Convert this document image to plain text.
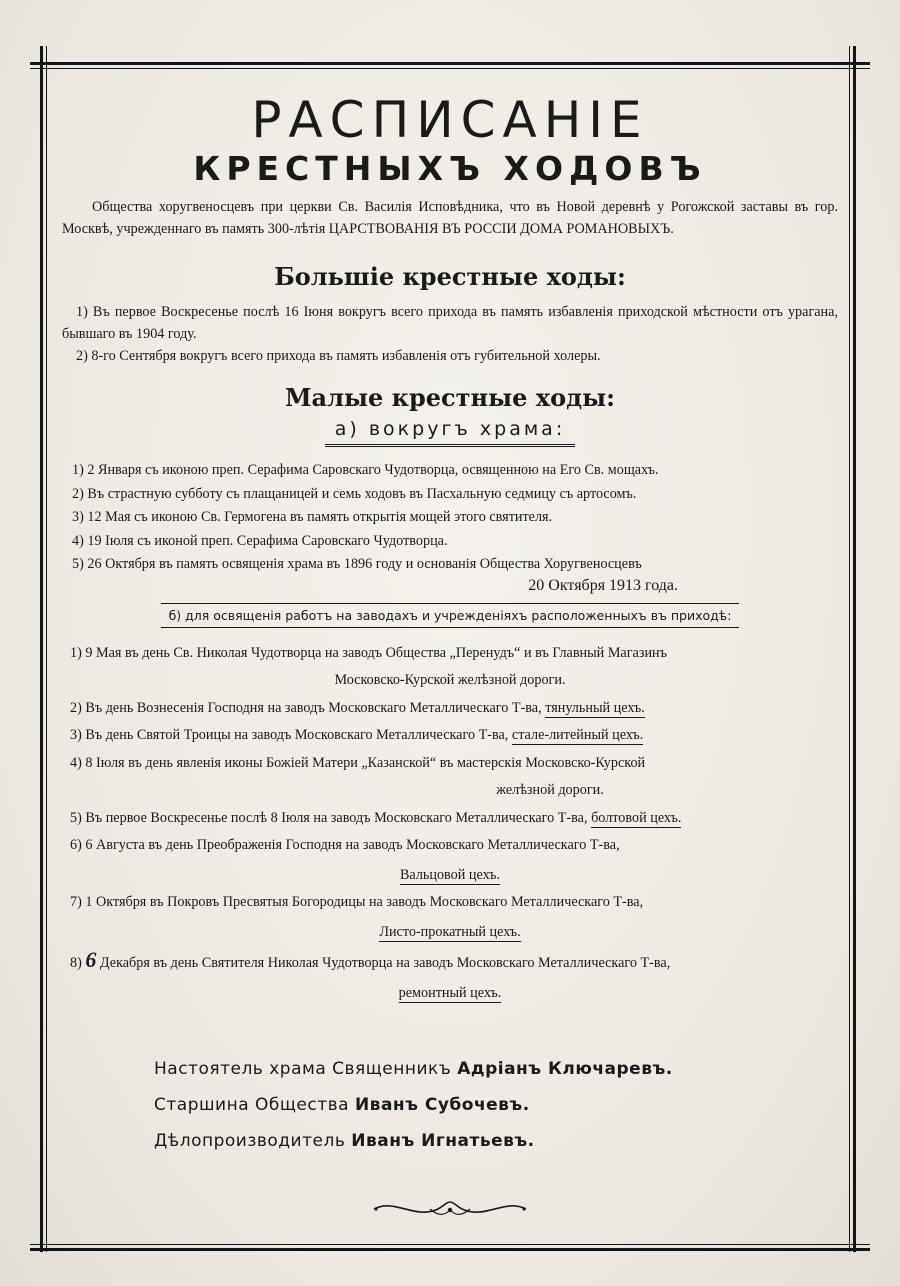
РАСПИСАНІЕ
КРЕСТНЫХЪ ХОДОВЪ

Общества хоругвеносцевъ при церкви Св. Василія Исповѣдника, что въ Новой деревнѣ у Рогожской заставы въ гор. Москвѣ, учрежденнаго въ память 300-лѣтія ЦАРСТВОВАНІЯ ВЪ РОССІИ ДОМА РОМАНОВЫХЪ.

Большіе крестные ходы:

1) Въ первое Воскресенье послѣ 16 Іюня вокругъ всего прихода въ память избавленія приходской мѣстности отъ урагана, бывшаго въ 1904 году.

2) 8-го Сентября вокругъ всего прихода въ память избавленія отъ губительной холеры.

Малые крестные ходы:
а) вокругъ храма:
1) 2 Января съ иконою преп. Серафима Саровскаго Чудотворца, освященною на Его Св. мощахъ.
2) Въ страстную субботу съ плащаницей и семь ходовъ въ Пасхальную седмицу съ артосомъ.
3) 12 Мая съ иконою Св. Гермогена въ память открытія мощей этого святителя.
4) 19 Іюля съ иконой преп. Серафима Саровскаго Чудотворца.
5) 26 Октября въ память освященія храма въ 1896 году и основанія Общества Хоругвеносцевъ
20 Октября 1913 года.
б) для освященія работъ на заводахъ и учрежденіяхъ расположенныхъ въ приходѣ:
1) 9 Мая въ день Св. Николая Чудотворца на заводъ Общества „Перенудъ“ и въ Главный Магазинъ
Московско-Курской желѣзной дороги.
2) Въ день Вознесенія Господня на заводъ Московскаго Металлическаго Т-ва, тянульный цехъ.
3) Въ день Святой Троицы на заводъ Московскаго Металлическаго Т-ва, стале-литейный цехъ.
4) 8 Іюля въ день явленія иконы Божіей Матери „Казанской“ въ мастерскія Московско-Курской
желѣзной дороги.
5) Въ первое Воскресенье послѣ 8 Іюля на заводъ Московскаго Металлическаго Т-ва, болтовой цехъ.
6) 6 Августа въ день Преображенія Господня на заводъ Московскаго Металлическаго Т-ва,
Вальцовой цехъ.
7) 1 Октября въ Покровъ Пресвятыя Богородицы на заводъ Московскаго Металлическаго Т-ва,
Листо-прокатный цехъ.
8) 6 Декабря въ день Святителя Николая Чудотворца на заводъ Московскаго Металлическаго Т-ва,
ремонтный цехъ.
Настоятель храма Священникъ Адріанъ Ключаревъ.
Старшина Общества Иванъ Субочевъ.
Дѣлопроизводитель Иванъ Игнатьевъ.
